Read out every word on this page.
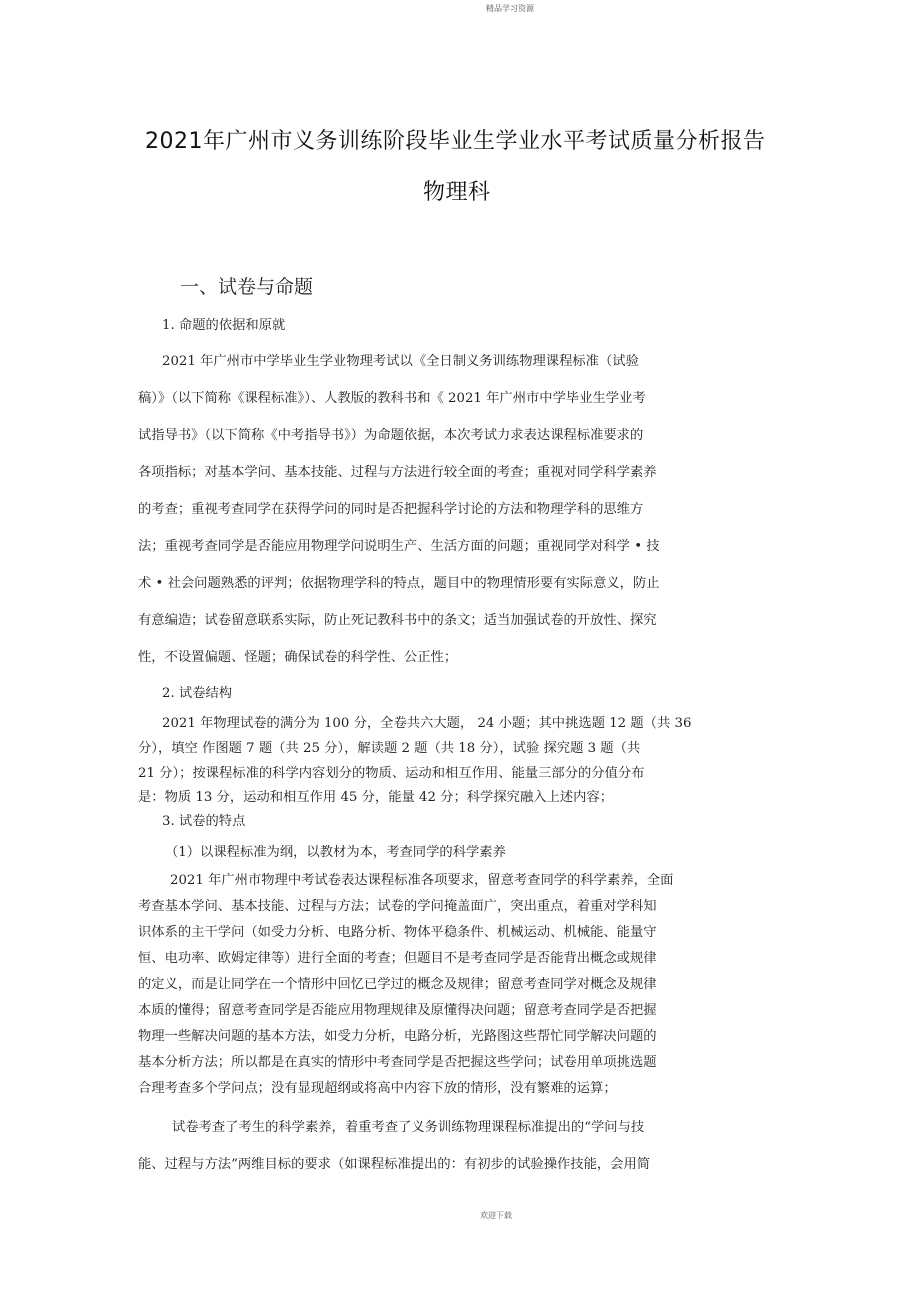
精品学习资源
2021年广州市义务训练阶段毕业生学业水平考试质量分析报告
物理科
一、试卷与命题
1. 命题的依据和原就
2021 年广州市中学毕业生学业物理考试以《全日制义务训练物理课程标准（试验
稿）》（以下简称《课程标准》）、人教版的教科书和《 2021 年广州市中学毕业生学业考
试指导书》（以下简称《中考指导书》）为命题依据，本次考试力求表达课程标准要求的
各项指标；对基本学问、基本技能、过程与方法进行较全面的考查；重视对同学科学素养
的考查；重视考查同学在获得学问的同时是否把握科学讨论的方法和物理学科的思维方
法；重视考查同学是否能应用物理学问说明生产、生活方面的问题；重视同学对科学 • 技
术 • 社会问题熟悉的评判；依据物理学科的特点，题目中的物理情形要有实际意义，防止
有意编造；试卷留意联系实际，防止死记教科书中的条文；适当加强试卷的开放性、探究
性，不设置偏题、怪题；确保试卷的科学性、公正性；
2. 试卷结构
2021 年物理试卷的满分为 100 分，全卷共六大题， 24 小题；其中挑选题 12 题（共 36
分），填空 作图题 7 题（共 25 分），解读题 2 题（共 18 分），试验 探究题 3 题（共
21 分）；按课程标准的科学内容划分的物质、运动和相互作用、能量三部分的分值分布
是：物质 13 分，运动和相互作用 45 分，能量 42 分；科学探究融入上述内容；
3. 试卷的特点
（1）以课程标准为纲，以教材为本，考查同学的科学素养
2021 年广州市物理中考试卷表达课程标准各项要求，留意考查同学的科学素养，全面
考查基本学问、基本技能、过程与方法；试卷的学问掩盖面广，突出重点，着重对学科知
识体系的主干学问（如受力分析、电路分析、物体平稳条件、机械运动、机械能、能量守
恒、电功率、欧姆定律等）进行全面的考查；但题目不是考查同学是否能背出概念或规律
的定义，而是让同学在一个情形中回忆已学过的概念及规律；留意考查同学对概念及规律
本质的懂得；留意考查同学是否能应用物理规律及原懂得决问题；留意考查同学是否把握
物理一些解决问题的基本方法，如受力分析，电路分析，光路图这些帮忙同学解决问题的
基本分析方法；所以都是在真实的情形中考查同学是否把握这些学问；试卷用单项挑选题
合理考查多个学问点；没有显现超纲或将高中内容下放的情形，没有繁难的运算；
试卷考查了考生的科学素养，着重考查了义务训练物理课程标准提出的“学问与技
能、过程与方法”两维目标的要求（如课程标准提出的：有初步的试验操作技能，会用简
欢迎下载
